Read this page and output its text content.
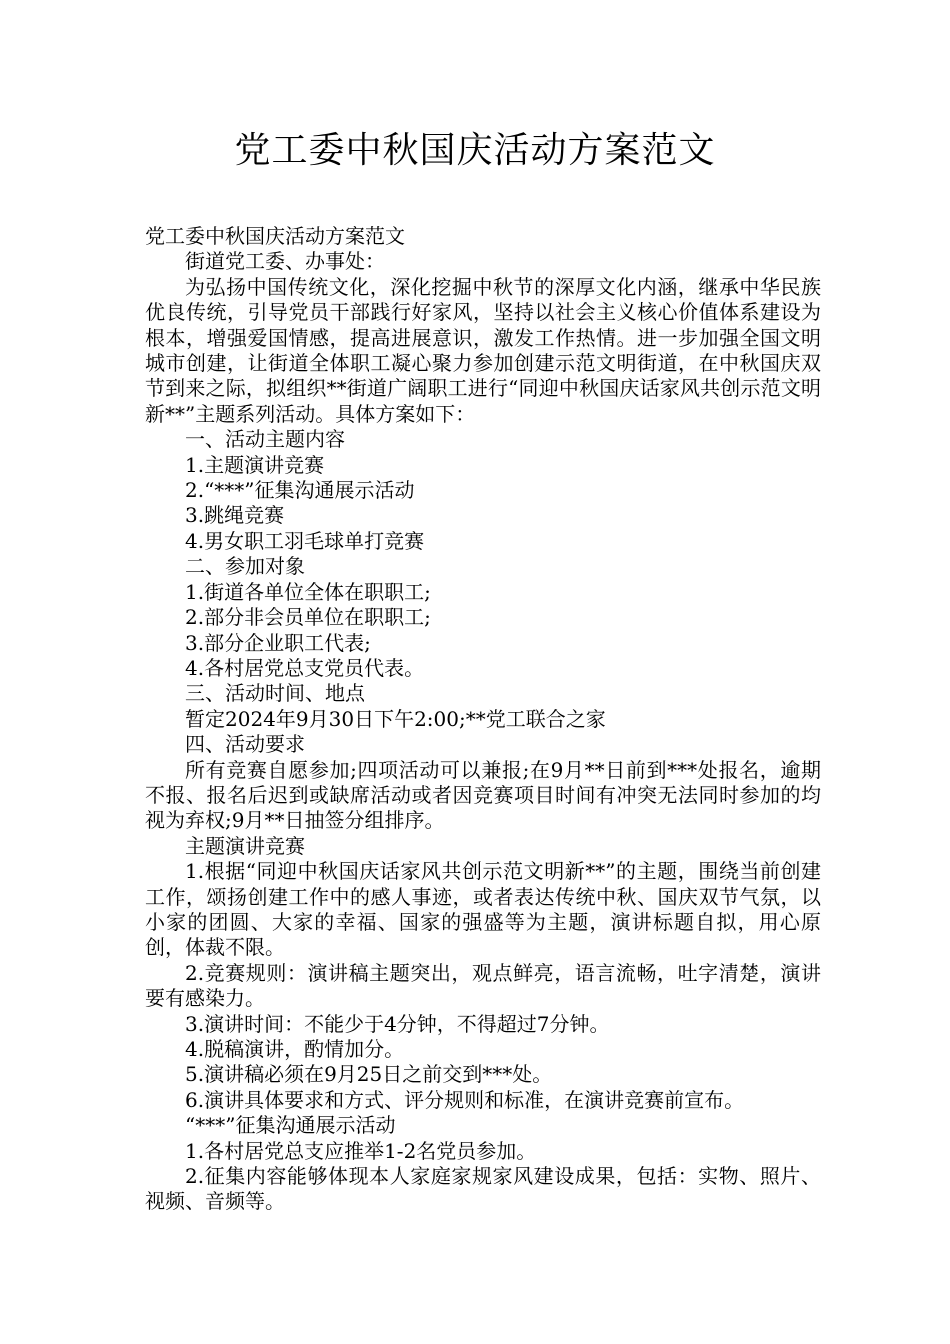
党工委中秋国庆活动方案范文

党工委中秋国庆活动方案范文

街道党工委、办事处：

为弘扬中国传统文化，深化挖掘中秋节的深厚文化内涵，继承中华民族优良传统，引导党员干部践行好家风，坚持以社会主义核心价值体系建设为根本，增强爱国情感，提高进展意识，激发工作热情。进一步加强全国文明城市创建，让街道全体职工凝心聚力参加创建示范文明街道，在中秋国庆双节到来之际，拟组织**街道广阔职工进行“同迎中秋国庆话家风共创示范文明新**”主题系列活动。具体方案如下：

一、活动主题内容

1.主题演讲竞赛

2.“***”征集沟通展示活动

3.跳绳竞赛

4.男女职工羽毛球单打竞赛

二、参加对象

1.街道各单位全体在职职工;

2.部分非会员单位在职职工;

3.部分企业职工代表;

4.各村居党总支党员代表。

三、活动时间、地点

暂定2024年9月30日下午2:00;**党工联合之家

四、活动要求

所有竞赛自愿参加;四项活动可以兼报;在9月**日前到***处报名，逾期不报、报名后迟到或缺席活动或者因竞赛项目时间有冲突无法同时参加的均视为弃权;9月**日抽签分组排序。

主题演讲竞赛

1.根据“同迎中秋国庆话家风共创示范文明新**”的主题，围绕当前创建工作，颂扬创建工作中的感人事迹，或者表达传统中秋、国庆双节气氛，以小家的团圆、大家的幸福、国家的强盛等为主题，演讲标题自拟，用心原创，体裁不限。

2.竞赛规则：演讲稿主题突出，观点鲜亮，语言流畅，吐字清楚，演讲要有感染力。

3.演讲时间：不能少于4分钟，不得超过7分钟。

4.脱稿演讲，酌情加分。

5.演讲稿必须在9月25日之前交到***处。

6.演讲具体要求和方式、评分规则和标准，在演讲竞赛前宣布。

“***”征集沟通展示活动

1.各村居党总支应推举1-2名党员参加。

2.征集内容能够体现本人家庭家规家风建设成果，包括：实物、照片、视频、音频等。
